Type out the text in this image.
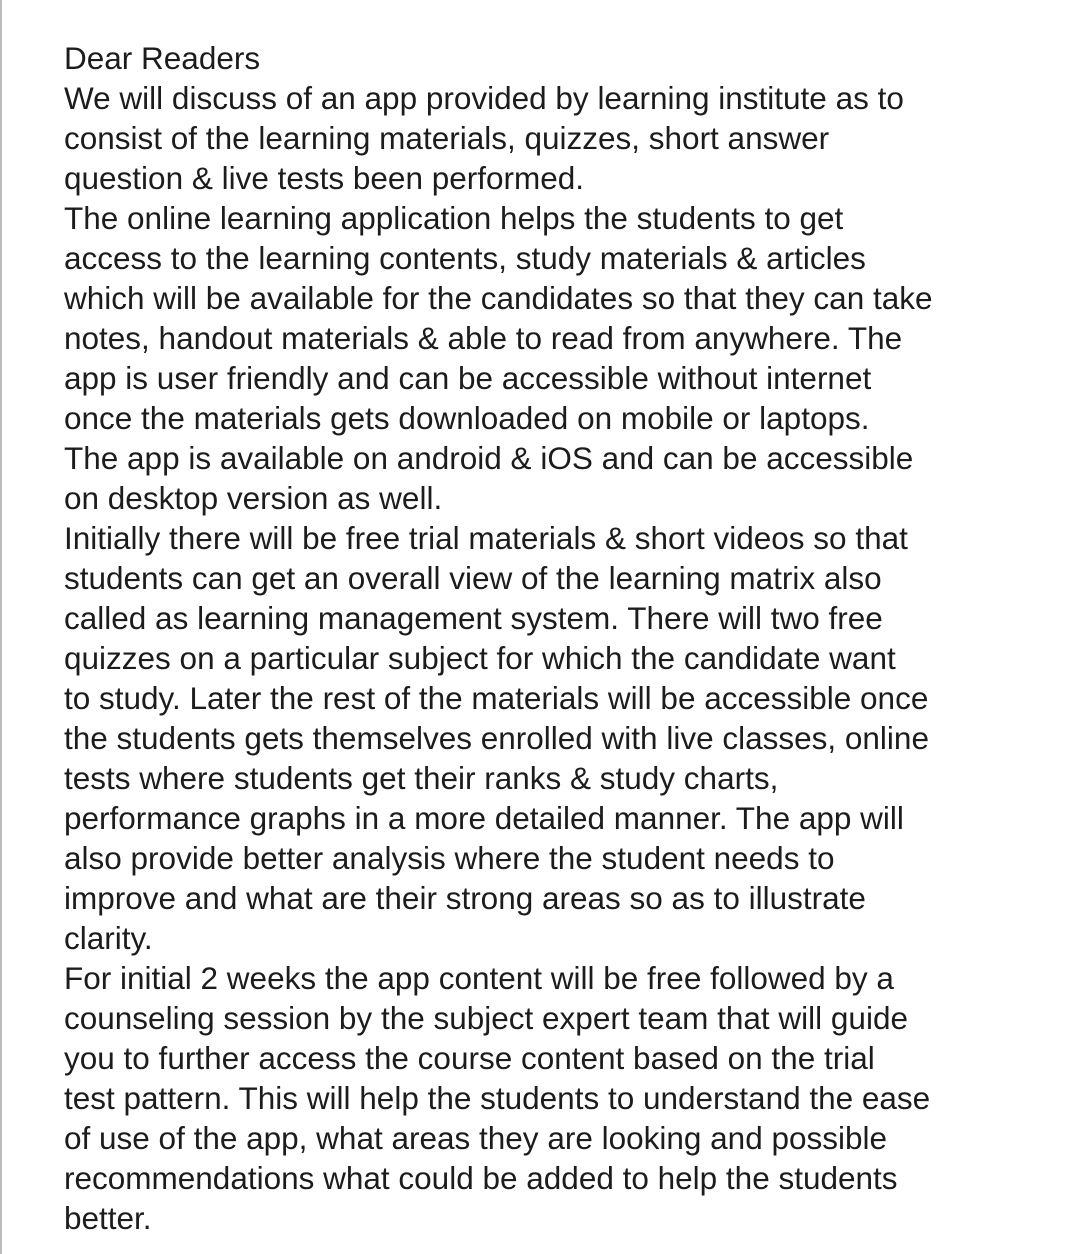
Dear Readers
We will discuss of an app provided by learning institute as to
consist of the learning materials, quizzes, short answer
question & live tests been performed.
The online learning application helps the students to get
access to the learning contents, study materials & articles
which will be available for the candidates so that they can take
notes, handout materials & able to read from anywhere. The
app is user friendly and can be accessible without internet
once the materials gets downloaded on mobile or laptops.
The app is available on android & iOS and can be accessible
on desktop version as well.
Initially there will be free trial materials & short videos so that
students can get an overall view of the learning matrix also
called as learning management system. There will two free
quizzes on a particular subject for which the candidate want
to study. Later the rest of the materials will be accessible once
the students gets themselves enrolled with live classes, online
tests where students get their ranks & study charts,
performance graphs in a more detailed manner. The app will
also provide better analysis where the student needs to
improve and what are their strong areas so as to illustrate
clarity.
For initial 2 weeks the app content will be free followed by a
counseling session by the subject expert team that will guide
you to further access the course content based on the trial
test pattern. This will help the students to understand the ease
of use of the app, what areas they are looking and possible
recommendations what could be added to help the students
better.
